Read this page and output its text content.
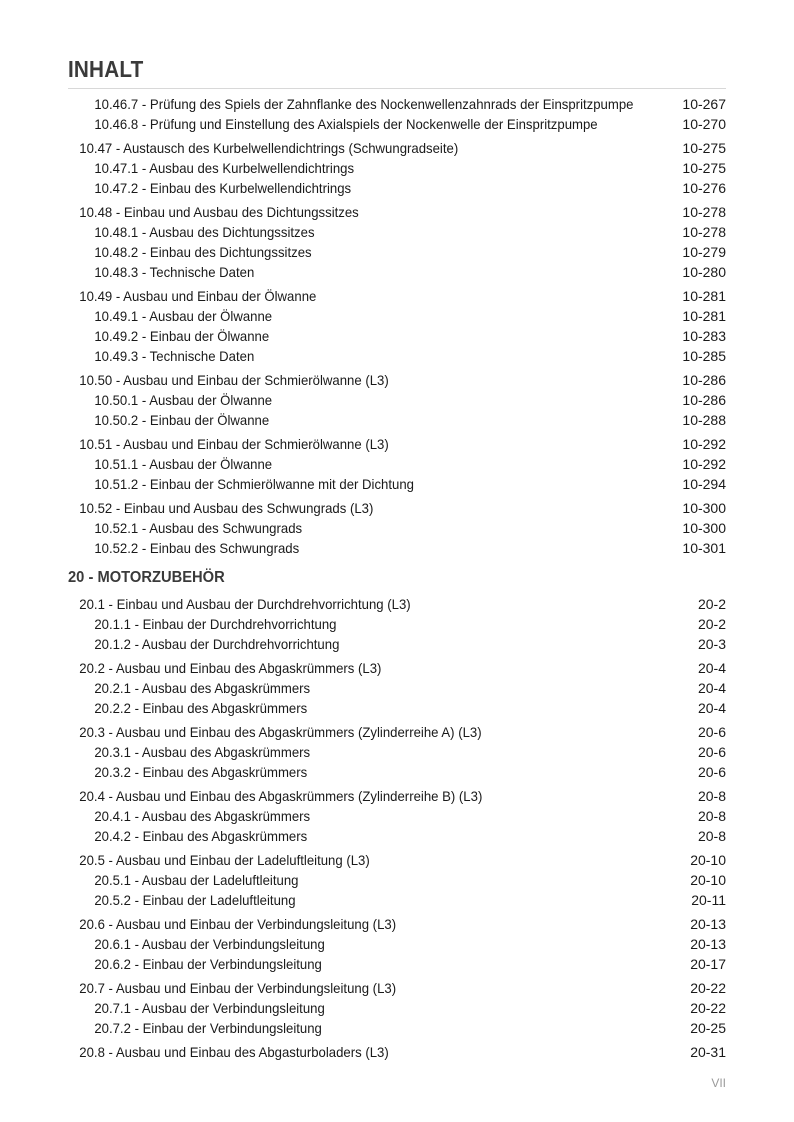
INHALT
10.46.7 - Prüfung des Spiels der Zahnflanke des Nockenwellenzahnrads der Einspritzpumpe	10-267
10.46.8 - Prüfung und Einstellung des Axialspiels der Nockenwelle der Einspritzpumpe	10-270
10.47 - Austausch des Kurbelwellendichtrings (Schwungradseite)	10-275
10.47.1 - Ausbau des Kurbelwellendichtrings	10-275
10.47.2 - Einbau des Kurbelwellendichtrings	10-276
10.48 - Einbau und Ausbau des Dichtungssitzes	10-278
10.48.1 - Ausbau des Dichtungssitzes	10-278
10.48.2 - Einbau des Dichtungssitzes	10-279
10.48.3 - Technische Daten	10-280
10.49 - Ausbau und Einbau der Ölwanne	10-281
10.49.1 - Ausbau der Ölwanne	10-281
10.49.2 - Einbau der Ölwanne	10-283
10.49.3 - Technische Daten	10-285
10.50 - Ausbau und Einbau der Schmierölwanne (L3)	10-286
10.50.1 - Ausbau der Ölwanne	10-286
10.50.2 - Einbau der Ölwanne	10-288
10.51 - Ausbau und Einbau der Schmierölwanne (L3)	10-292
10.51.1 - Ausbau der Ölwanne	10-292
10.51.2 - Einbau der Schmierölwanne mit der Dichtung	10-294
10.52 - Einbau und Ausbau des Schwungrads (L3)	10-300
10.52.1 - Ausbau des Schwungrads	10-300
10.52.2 - Einbau des Schwungrads	10-301
20 - MOTORZUBEHÖR
20.1 - Einbau und Ausbau der Durchdrehvorrichtung (L3)	20-2
20.1.1 - Einbau der Durchdrehvorrichtung	20-2
20.1.2 - Ausbau der Durchdrehvorrichtung	20-3
20.2 - Ausbau und Einbau des Abgaskrümmers (L3)	20-4
20.2.1 - Ausbau des Abgaskrümmers	20-4
20.2.2 - Einbau des Abgaskrümmers	20-4
20.3 - Ausbau und Einbau des Abgaskrümmers (Zylinderreihe A) (L3)	20-6
20.3.1 - Ausbau des Abgaskrümmers	20-6
20.3.2 - Einbau des Abgaskrümmers	20-6
20.4 - Ausbau und Einbau des Abgaskrümmers (Zylinderreihe B) (L3)	20-8
20.4.1 - Ausbau des Abgaskrümmers	20-8
20.4.2 - Einbau des Abgaskrümmers	20-8
20.5 - Ausbau und Einbau der Ladeluftleitung (L3)	20-10
20.5.1 - Ausbau der Ladeluftleitung	20-10
20.5.2 - Einbau der Ladeluftleitung	20-11
20.6 - Ausbau und Einbau der Verbindungsleitung (L3)	20-13
20.6.1 - Ausbau der Verbindungsleitung	20-13
20.6.2 - Einbau der Verbindungsleitung	20-17
20.7 - Ausbau und Einbau der Verbindungsleitung (L3)	20-22
20.7.1 - Ausbau der Verbindungsleitung	20-22
20.7.2 - Einbau der Verbindungsleitung	20-25
20.8 - Ausbau und Einbau des Abgasturboladers (L3)	20-31
VII
